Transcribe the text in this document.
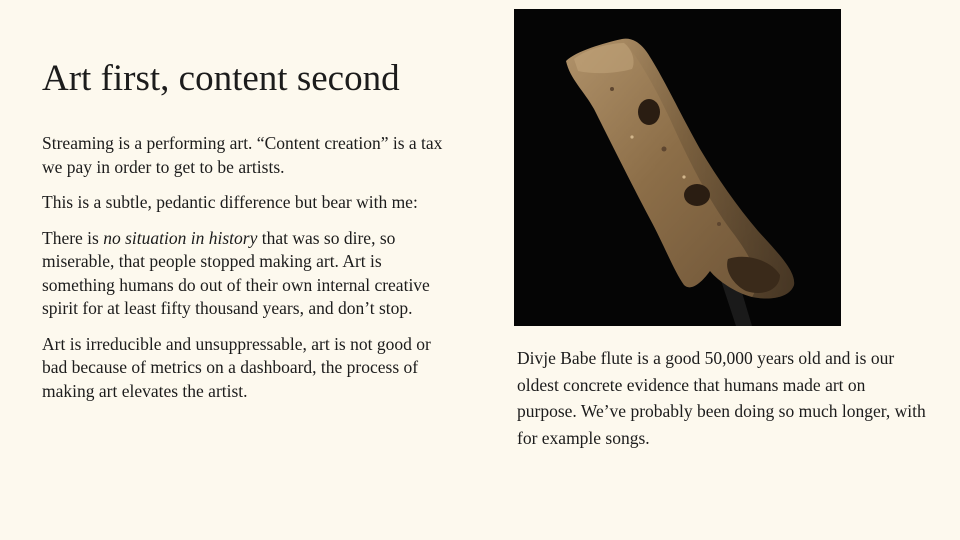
Art first, content second

Streaming is a performing art. “Content creation” is a tax we pay in order to get to be artists.

This is a subtle, pedantic difference but bear with me:

There is no situation in history that was so dire, so miserable, that people stopped making art. Art is something humans do out of their own internal creative spirit for at least fifty thousand years, and don’t stop.

Art is irreducible and unsuppressable, art is not good or bad because of metrics on a dashboard, the process of making art elevates the artist.

Divje Babe flute is a good 50,000 years old and is our oldest concrete evidence that humans made art on purpose. We’ve probably been doing so much longer, with for example songs.
